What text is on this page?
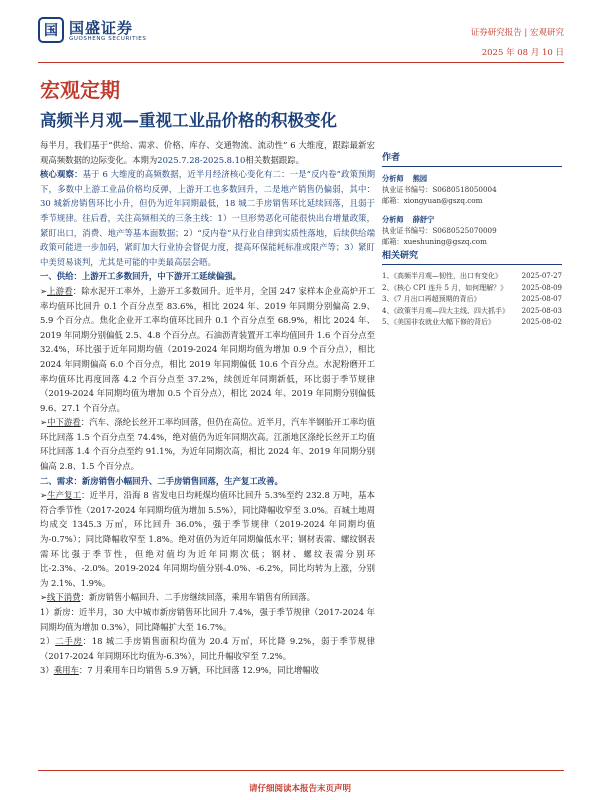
国 国盛证券
GUOSHENG SECURITIES
证券研究报告 | 宏观研究
2025 年 08 月 10 日
宏观定期
高频半月观—重视工业品价格的积极变化

每半月，我们基于“供给、需求、价格、库存、交通物流、流动性” 6 大维度，跟踪最新宏观高频数据的边际变化。本期为2025.7.28-2025.8.10相关数据跟踪。

核心观察：基于 6 大维度的高频数据，近半月经济核心变化有二：一是“反内卷”政策预期下，多数中上游工业品价格均反弹，上游开工也多数回升，二是地产销售仍偏弱，其中：30 城新房销售环比小升，但仍为近年同期最低，18 城二手房销售环比延续回落，且弱于季节规律。往后看，关注高频相关的三条主线：1）一旦形势恶化可能很快出台增量政策，紧盯出口，消费、地产等基本面数据；2）“反内卷”从行业自律到实质性落地，后续供给端政策可能进一步加码，紧盯加大行业协会督促力度，提高环保能耗标准或限产等；3）紧盯中美贸易谈判，尤其是可能的中美最高层会晤。

一、供给：上游开工多数回升，中下游开工延续偏强。

➢上游看：除水泥开工率外，上游开工多数回升。近半月，全国 247 家样本企业高炉开工率均值环比回升 0.1 个百分点至 83.6%，相比 2024 年、2019 年同期分别偏高 2.9、5.9 个百分点。焦化企业开工率均值环比回升 0.1 个百分点至 68.9%，相比 2024 年、2019 年同期分别偏低 2.5、4.8 个百分点。石油沥青装置开工率均值回升 1.6 个百分点至 32.4%，环比强于近年同期均值（2019-2024 年同期均值为增加 0.9 个百分点），相比 2024 年同期偏高 6.0 个百分点，相比 2019 年同期偏低 10.6 个百分点。水泥粉磨开工率均值环比再度回落 4.2 个百分点至 37.2%，续创近年同期新低，环比弱于季节规律（2019-2024 年同期均值为增加 0.5 个百分点），相比 2024 年、2019 年同期分别偏低 9.6、27.1 个百分点。

➢中下游看：汽车、涤纶长丝开工率均回落，但仍在高位。近半月，汽车半钢胎开工率均值环比回落 1.5 个百分点至 74.4%，绝对值仍为近年同期次高。江浙地区涤纶长丝开工均值环比回落 1.4 个百分点至约 91.1%，为近年同期次高，相比 2024 年、2019 年同期分别偏高 2.8、1.5 个百分点。

二、需求：新房销售小幅回升、二手房销售回落，生产复工改善。

➢生产复工：近半月，沿海 8 省发电日均耗煤均值环比回升 5.3%至约 232.8 万吨，基本符合季节性（2017-2024 年同期均值为增加 5.5%），同比降幅收窄至 3.0%。百城土地周均成交 1345.3 万㎡，环比回升 36.0%，强于季节规律（2019-2024 年同期均值为-0.7%）；同比降幅收窄至 1.8%。绝对值仍为近年同期偏低水平；钢材表需、螺纹钢表需环比强于季节性，但绝对值均为近年同期次低；钢材、螺纹表需分别环比-2.3%、-2.0%。2019-2024 年同期均值分别-4.0%、-6.2%，同比均转为上涨，分别为 2.1%、1.9%。

➢线下消费：新房销售小幅回升、二手房继续回落，乘用车销售有所回落。

1）新房：近半月，30 大中城市新房销售环比回升 7.4%，强于季节规律（2017-2024 年同期均值为增加 0.3%），同比降幅扩大至 16.7%。

2）二手房：18 城二手房销售面积均值为 20.4 万㎡，环比降 9.2%，弱于季节规律（2017-2024 年同期环比均值为-6.3%），同比升幅收窄至 7.2%。

3）乘用车：7 月乘用车日均销售 5.9 万辆，环比回落 12.9%，同比增幅收

作者
分析师 熊园
执业证书编号：S0680518050004
邮箱：xiongyuan@gszq.com
分析师 薛舒宁
执业证书编号：S0680525070009
邮箱：xueshuning@gszq.com
相关研究
1、《高频半月观—韧性，出口有变化》	2025-07-27
2、《核心 CPI 连升 5 月，如何理解？》 2025-08-09
3、《7 月出口再超预期的背后》	2025-08-07
4、《政策半月观—四大主线、四大抓手》 2025-08-03
5、《美国非农就业大幅下修的背后》	2025-08-02
请仔细阅读本报告末页声明
